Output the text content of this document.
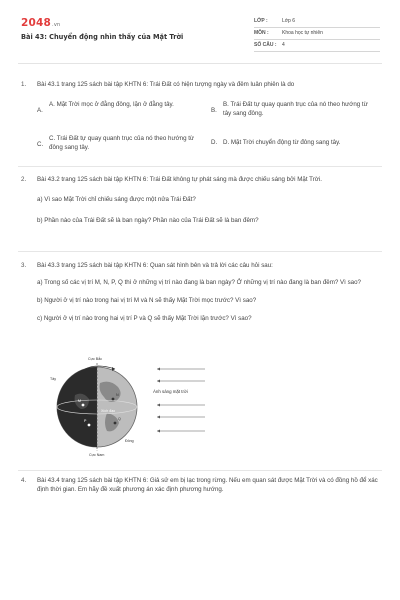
2048.vn
Bài 43: Chuyển động nhìn thấy của Mặt Trời
LỚP :	Lớp 6
MÔN :	Khoa học tự nhiên
SỐ CÂU :	4
1.	Bài 43.1 trang 125 sách bài tập KHTN 6: Trái Đất có hiện tượng ngày và đêm luân phiên là do
A.
A. Mặt Trời mọc ở đằng đông, lặn ở đằng tây.
B.
B. Trái Đất tự quay quanh trục của nó theo hướng từ tây sang đông.
C.
C. Trái Đất tự quay quanh trục của nó theo hướng từ đông sang tây.
D. D. Mặt Trời chuyển động từ đông sang tây.
2.	Bài 43.2 trang 125 sách bài tập KHTN 6: Trái Đất không tự phát sáng mà được chiếu sáng bởi Mặt Trời.
a) Vì sao Mặt Trời chỉ chiếu sáng được một nửa Trái Đất?
b) Phần nào của Trái Đất sẽ là ban ngày? Phần nào của Trái Đất sẽ là ban đêm?
3.	Bài 43.3 trang 125 sách bài tập KHTN 6: Quan sát hình bên và trả lời các câu hỏi sau:
a) Trong số các vị trí M, N, P, Q thì ở những vị trí nào đang là ban ngày? Ở những vị trí nào đang là ban đêm? Vì sao?
b) Người ở vị trí nào trong hai vị trí M và N sẽ thấy Mặt Trời mọc trước? Vì sao?
c) Người ở vị trí nào trong hai vị trí P và Q sẽ thấy Mặt Trời lặn trước? Vì sao?
Cực Bắc
Cực Nam
Tây
Đông
Xích đạo
Ánh sáng mặt trời
M
N
P	Q
4.	Bài 43.4 trang 125 sách bài tập KHTN 6: Giả sử em bị lạc trong rừng. Nếu em quan sát được Mặt Trời và có đồng hồ để xác định thời gian. Em hãy đề xuất phương án xác định phương hướng.
